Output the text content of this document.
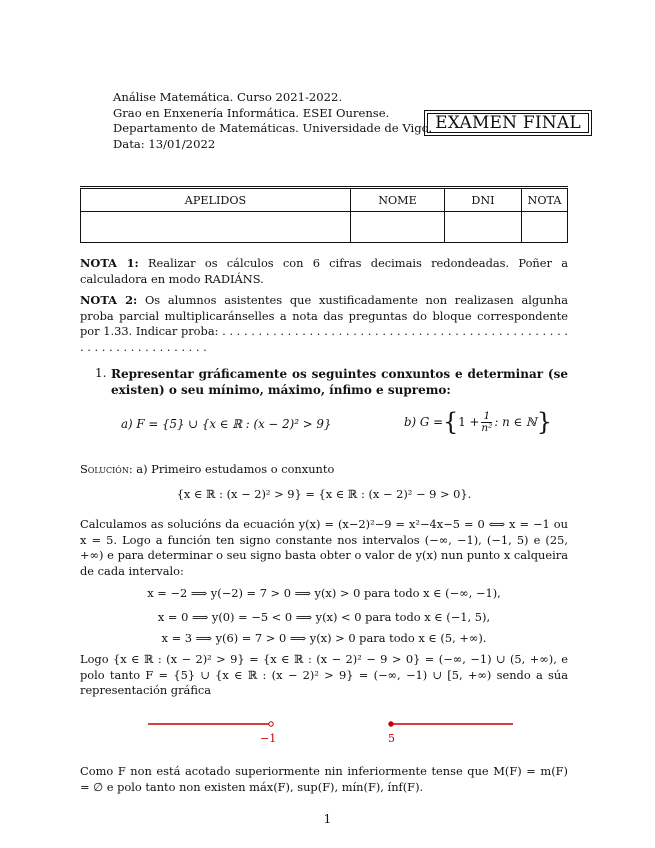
Análise Matemática. Curso 2021-2022.
Grao en Enxenería Informática. ESEI Ourense.
Departamento de Matemáticas. Universidade de Vigo.
Data: 13/01/2022
EXAMEN FINAL
APELIDOS	NOME	DNI	NOTA

NOTA 1: Realizar os cálculos con 6 cifras decimais redondeadas. Poñer a calculadora en modo RADIÁNS.
NOTA 2: Os alumnos asistentes que xustificadamente non realizasen algunha proba parcial multiplicaránselles a nota das preguntas do bloque correspondente por 1.33. Indicar proba: . . . . . . . . . . . . . . . . . . . . . . . . . . . . . . . . . . . . . . . . . . . . . . . . . . . . . . . . . . . . . . . . . .
1. Representar gráficamente os seguintes conxuntos e determinar (se existen) o seu mínimo, máximo, ínfimo e supremo:
a) F = {5} ∪ {x ∈ ℝ : (x − 2)² > 9}	b) G = { $1 + \frac{1}{\text{n²}}$ : n ∈ ℕ }
Solución: a) Primeiro estudamos o conxunto
{x ∈ ℝ : (x − 2)² > 9} = {x ∈ ℝ : (x − 2)² − 9 > 0}.
Calculamos as solucións da ecuación y(x) = (x−2)²−9 = x²−4x−5 = 0 ⟺ x = −1 ou x = 5. Logo a función ten signo constante nos intervalos (−∞, −1), (−1, 5) e (25, +∞) e para determinar o seu signo basta obter o valor de y(x) nun punto x calqueira de cada intervalo:
x = −2 ⟹ y(−2) = 7 > 0 ⟹ y(x) > 0 para todo x ∈ (−∞, −1),
x = 0 ⟹ y(0) = −5 < 0 ⟹ y(x) < 0 para todo x ∈ (−1, 5),
x = 3 ⟹ y(6) = 7 > 0 ⟹ y(x) > 0 para todo x ∈ (5, +∞).
Logo {x ∈ ℝ : (x − 2)² > 9} = {x ∈ ℝ : (x − 2)² − 9 > 0} = (−∞, −1) ∪ (5, +∞), e polo tanto F = {5} ∪ {x ∈ ℝ : (x − 2)² > 9} = (−∞, −1) ∪ [5, +∞) sendo a súa representación gráfica
−1	5
Como F non está acotado superiormente nin inferiormente tense que M(F) = m(F) = ∅ e polo tanto non existen máx(F), sup(F), mín(F), ínf(F).
1
